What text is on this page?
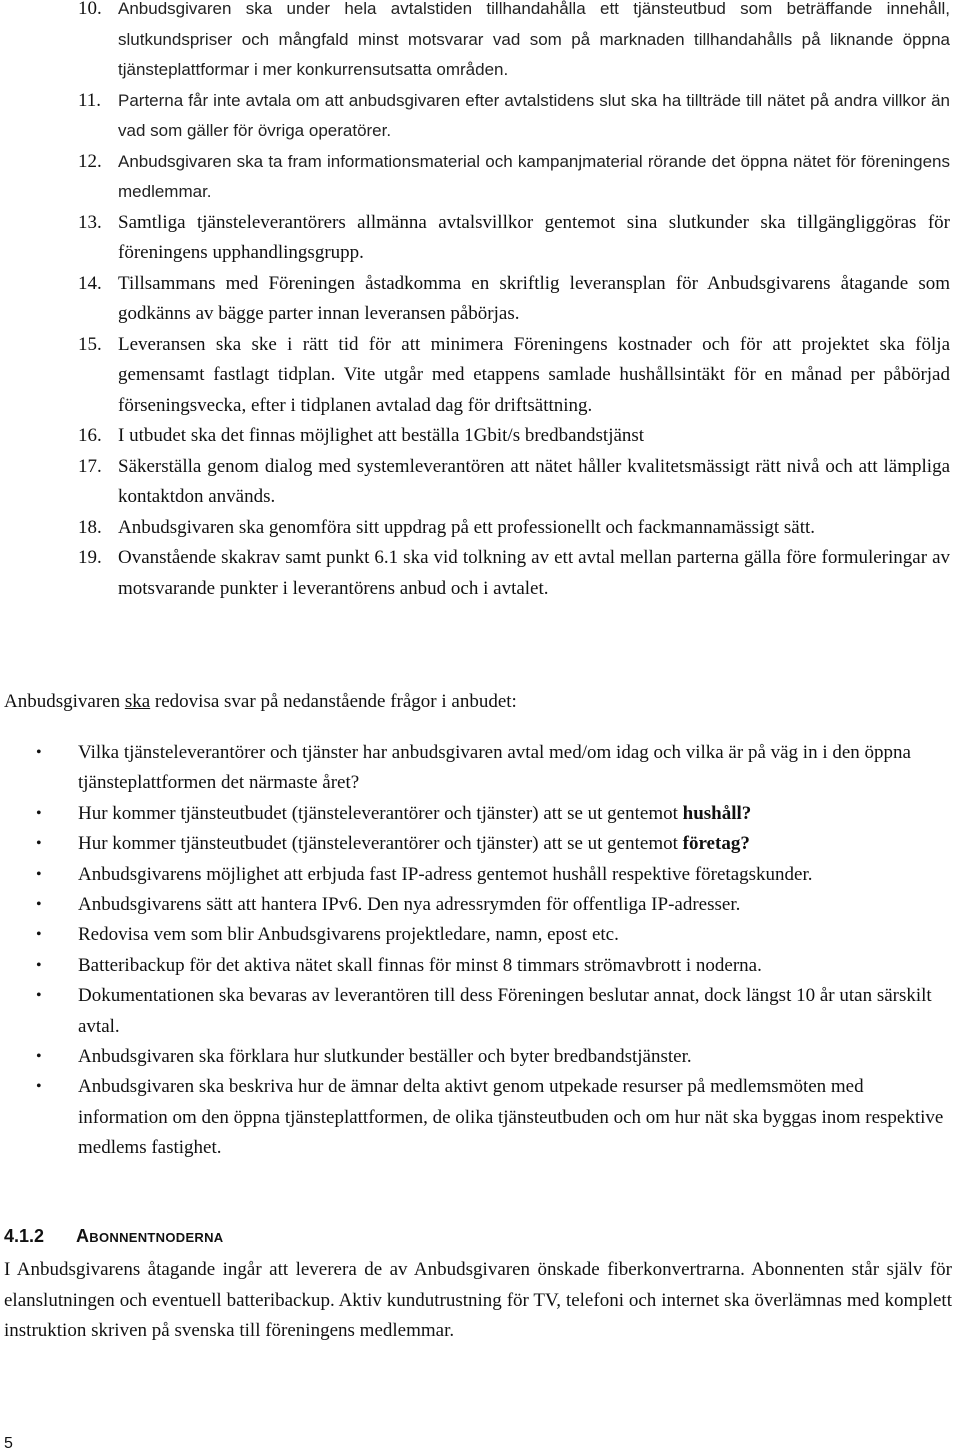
10. Anbudsgivaren ska under hela avtalstiden tillhandahålla ett tjänsteutbud som beträffande innehåll, slutkundspriser och mångfald minst motsvarar vad som på marknaden tillhandahålls på liknande öppna tjänsteplattformar i mer konkurrensutsatta områden.
11. Parterna får inte avtala om att anbudsgivaren efter avtalstidens slut ska ha tillträde till nätet på andra villkor än vad som gäller för övriga operatörer.
12. Anbudsgivaren ska ta fram informationsmaterial och kampanjmaterial rörande det öppna nätet för föreningens medlemmar.
13. Samtliga tjänsteleverantörers allmänna avtalsvillkor gentemot sina slutkunder ska tillgängliggöras för föreningens upphandlingsgrupp.
14. Tillsammans med Föreningen åstadkomma en skriftlig leveransplan för Anbudsgivarens åtagande som godkänns av bägge parter innan leveransen påbörjas.
15. Leveransen ska ske i rätt tid för att minimera Föreningens kostnader och för att projektet ska följa gemensamt fastlagt tidplan. Vite utgår med etappens samlade hushållsintäkt för en månad per påbörjad förseningsvecka, efter i tidplanen avtalad dag för driftsättning.
16. I utbudet ska det finnas möjlighet att beställa 1Gbit/s bredbandstjänst
17. Säkerställa genom dialog med systemleverantören att nätet håller kvalitetsmässigt rätt nivå och att lämpliga kontaktdon används.
18. Anbudsgivaren ska genomföra sitt uppdrag på ett professionellt och fackmannamässigt sätt.
19. Ovanstående skakrav samt punkt 6.1 ska vid tolkning av ett avtal mellan parterna gälla före formuleringar av motsvarande punkter i leverantörens anbud och i avtalet.
Anbudsgivaren ska redovisa svar på nedanstående frågor i anbudet:
•	Vilka tjänsteleverantörer och tjänster har anbudsgivaren avtal med/om idag och vilka är på väg in i den öppna tjänsteplattformen det närmaste året?
•	Hur kommer tjänsteutbudet (tjänsteleverantörer och tjänster) att se ut gentemot hushåll?
•	Hur kommer tjänsteutbudet (tjänsteleverantörer och tjänster) att se ut gentemot företag?
•	Anbudsgivarens möjlighet att erbjuda fast IP-adress gentemot hushåll respektive företagskunder.
•	Anbudsgivarens sätt att hantera IPv6. Den nya adressrymden för offentliga IP-adresser.
•	Redovisa vem som blir Anbudsgivarens projektledare, namn, epost etc.
•	Batteribackup för det aktiva nätet skall finnas för minst 8 timmars strömavbrott i noderna.
•	Dokumentationen ska bevaras av leverantören till dess Föreningen beslutar annat, dock längst 10 år utan särskilt avtal.
•	Anbudsgivaren ska förklara hur slutkunder beställer och byter bredbandstjänster.
•	Anbudsgivaren ska beskriva hur de ämnar delta aktivt genom utpekade resurser på medlemsmöten med information om den öppna tjänsteplattformen, de olika tjänsteutbuden och om hur nät ska byggas inom respektive medlems fastighet.
4.1.2	Abonnentnoderna
I Anbudsgivarens åtagande ingår att leverera de av Anbudsgivaren önskade fiberkonvertrarna. Abonnenten står själv för elanslutningen och eventuell batteribackup. Aktiv kundutrustning för TV, telefoni och internet ska överlämnas med komplett instruktion skriven på svenska till föreningens medlemmar.
5
